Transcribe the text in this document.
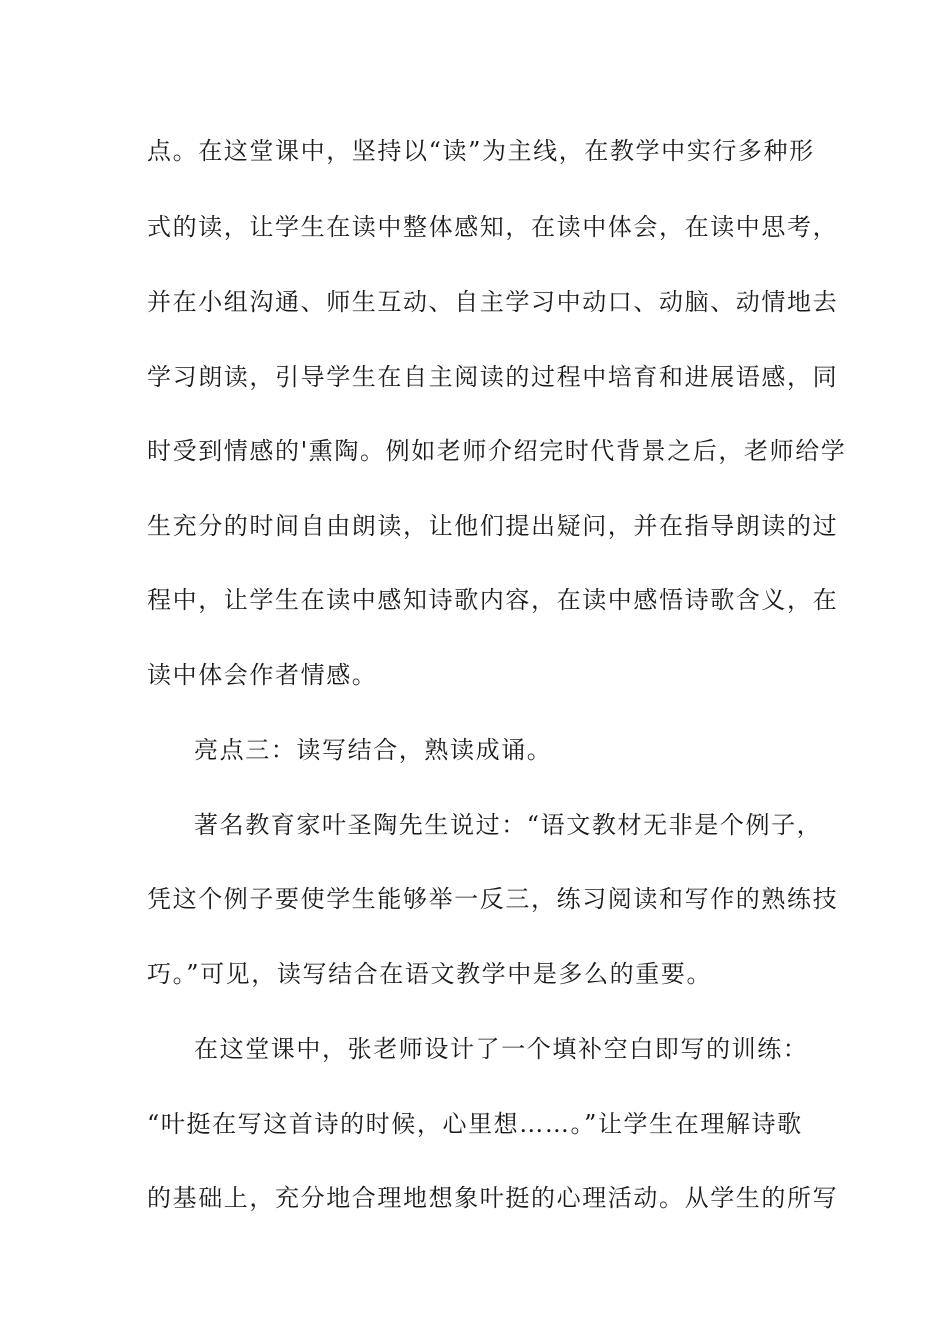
点。在这堂课中，坚持以“读”为主线，在教学中实行多种形
式的读，让学生在读中整体感知，在读中体会，在读中思考，
并在小组沟通、师生互动、自主学习中动口、动脑、动情地去
学习朗读，引导学生在自主阅读的过程中培育和进展语感，同
时受到情感的'熏陶。例如老师介绍完时代背景之后，老师给学
生充分的时间自由朗读，让他们提出疑问，并在指导朗读的过
程中，让学生在读中感知诗歌内容，在读中感悟诗歌含义，在
读中体会作者情感。
亮点三：读写结合，熟读成诵。
著名教育家叶圣陶先生说过：“语文教材无非是个例子，
凭这个例子要使学生能够举一反三，练习阅读和写作的熟练技
巧。”可见，读写结合在语文教学中是多么的重要。
在这堂课中，张老师设计了一个填补空白即写的训练：
“叶挺在写这首诗的时候，心里想……。”让学生在理解诗歌
的基础上，充分地合理地想象叶挺的心理活动。从学生的所写
